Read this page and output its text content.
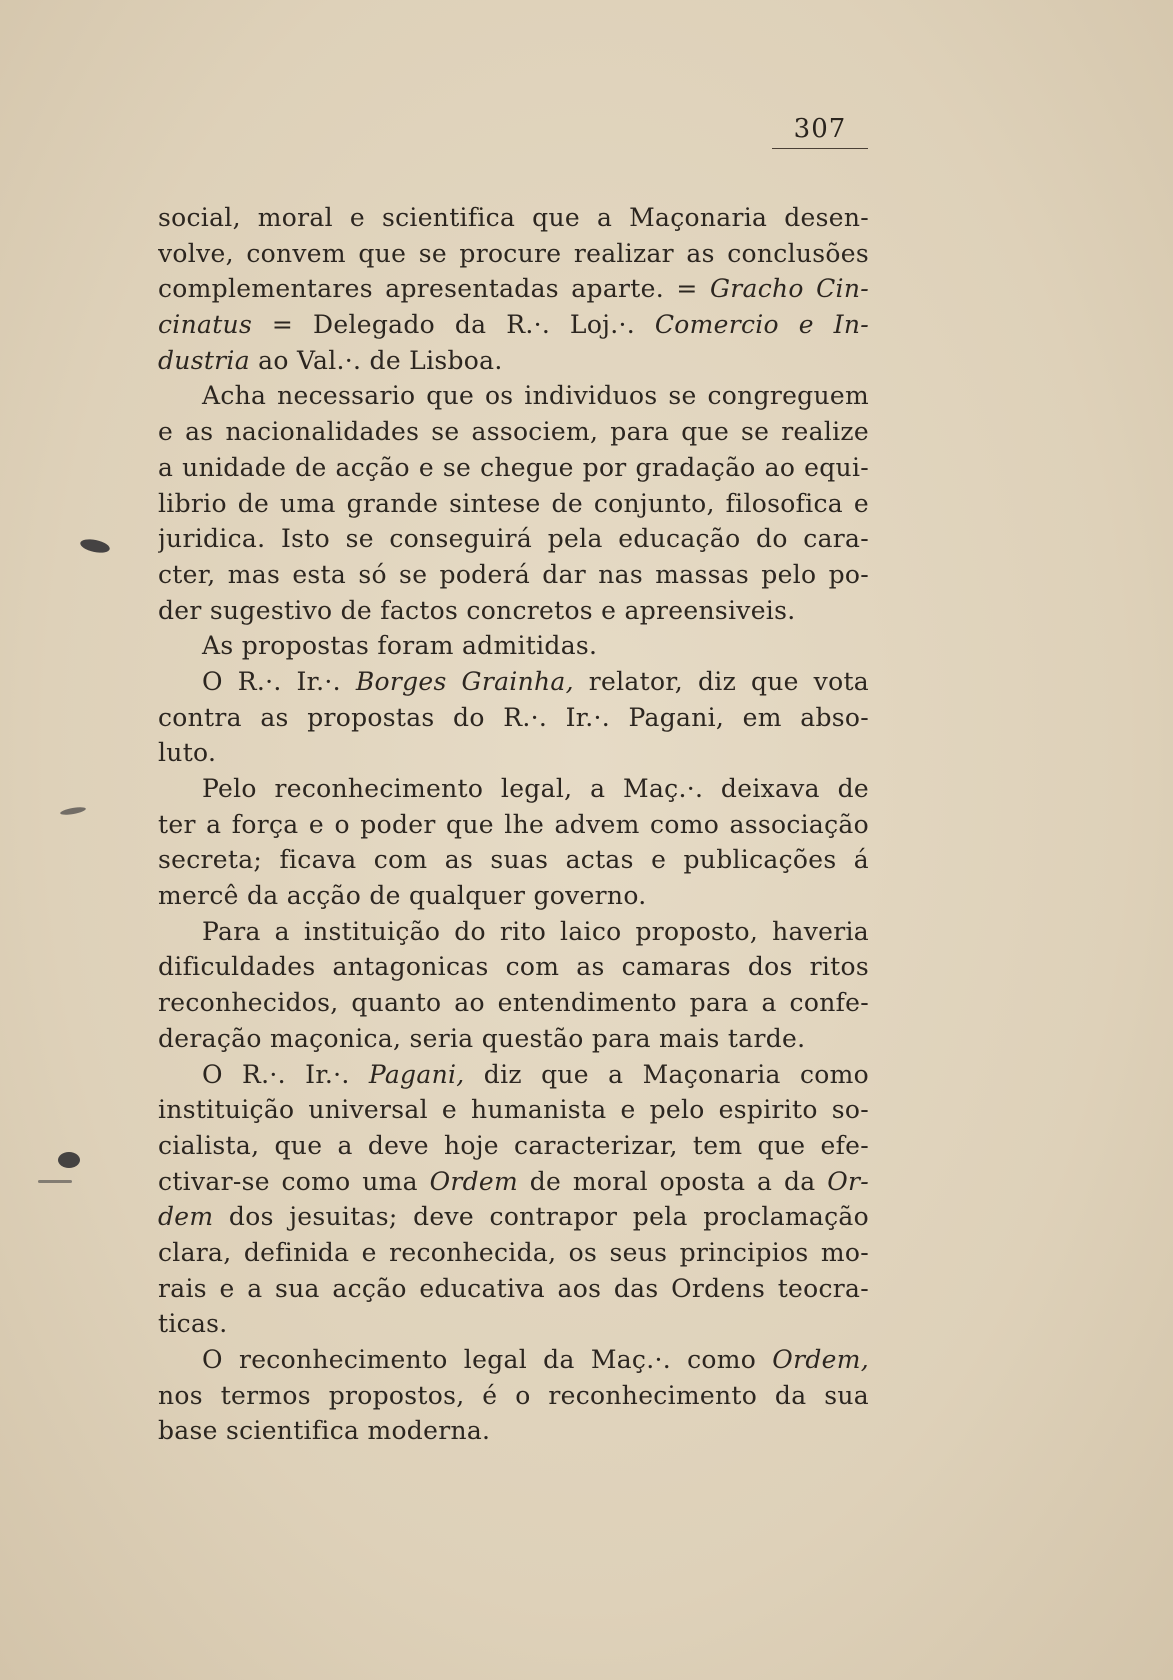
307
social, moral e scientifica que a Maçonaria desen-
volve, convem que se procure realizar as conclusões
complementares apresentadas aparte. = Gracho Cin-
cinatus = Delegado da R.·. Loj.·. Comercio e In-
dustria ao Val.·. de Lisboa.
Acha necessario que os individuos se congreguem
e as nacionalidades se associem, para que se realize
a unidade de acção e se chegue por gradação ao equi-
librio de uma grande sintese de conjunto, filosofica e
juridica. Isto se conseguirá pela educação do cara-
cter, mas esta só se poderá dar nas massas pelo po-
der sugestivo de factos concretos e apreensiveis.
As propostas foram admitidas.
O R.·. Ir.·. Borges Grainha, relator, diz que vota
contra as propostas do R.·. Ir.·. Pagani, em abso-
luto.
Pelo reconhecimento legal, a Maç.·. deixava de
ter a força e o poder que lhe advem como associação
secreta; ficava com as suas actas e publicações á
mercê da acção de qualquer governo.
Para a instituição do rito laico proposto, haveria
dificuldades antagonicas com as camaras dos ritos
reconhecidos, quanto ao entendimento para a confe-
deração maçonica, seria questão para mais tarde.
O R.·. Ir.·. Pagani, diz que a Maçonaria como
instituição universal e humanista e pelo espirito so-
cialista, que a deve hoje caracterizar, tem que efe-
ctivar-se como uma Ordem de moral oposta a da Or-
dem dos jesuitas; deve contrapor pela proclamação
clara, definida e reconhecida, os seus principios mo-
rais e a sua acção educativa aos das Ordens teocra-
ticas.
O reconhecimento legal da Maç.·. como Ordem,
nos termos propostos, é o reconhecimento da sua
base scientifica moderna.
